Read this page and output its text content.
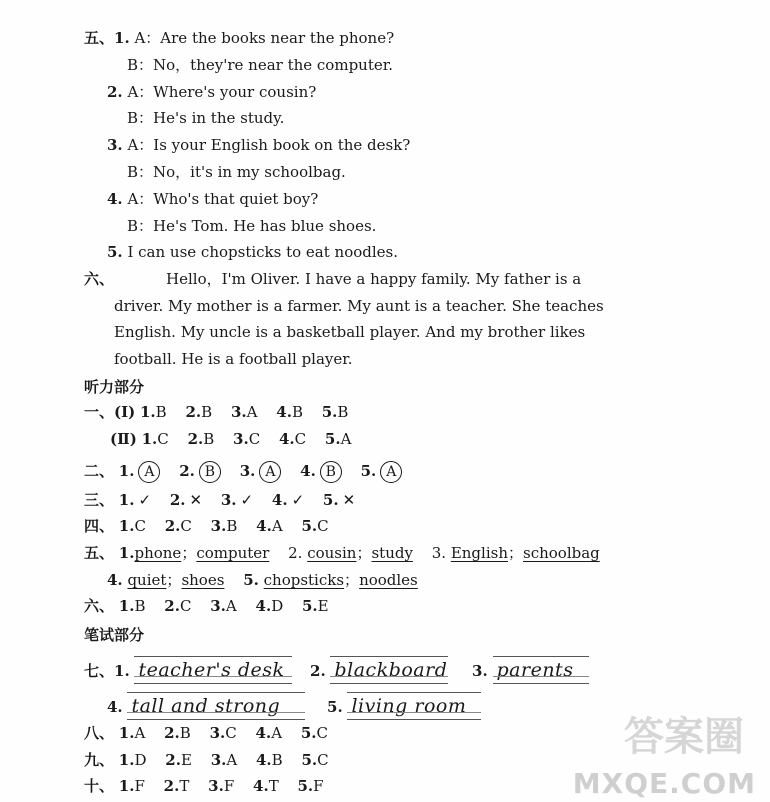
五、1. A：Are the books near the phone?
B：No，they're near the computer.
2. A：Where's your cousin?
B：He's in the study.
3. A：Is your English book on the desk?
B：No，it's in my schoolbag.
4. A：Who's that quiet boy?
B：He's Tom. He has blue shoes.
5. I can use chopsticks to eat noodles.
六、	Hello，I'm Oliver. I have a happy family. My father is a
driver. My mother is a farmer. My aunt is a teacher. She teaches
English. My uncle is a basketball player. And my brother likes
football. He is a football player.
听力部分
一、(Ⅰ) 1.B 2.B 3.A 4.B 5.B
(Ⅱ) 1.C 2.B 3.C 4.C 5.A
二、 1. A 2. B 3. A 4. B 5. A
三、 1. ✓ 2. ✕ 3. ✓ 4. ✓ 5. ✕
四、 1.C 2.C 3.B 4.A 5.C
五、 1.phone；computer 2. cousin；study 3. English；schoolbag
4. quiet；shoes 5. chopsticks；noodles
六、 1.B 2.C 3.A 4.D 5.E
笔试部分
七、1. teacher's desk 2. blackboard 3. parents
4. tall and strong	5. living room
八、 1.A 2.B 3.C 4.A 5.C
九、 1.D 2.E 3.A 4.B 5.C
十、 1.F 2.T 3.F 4.T 5.F
答案圈
MXQE.COM
